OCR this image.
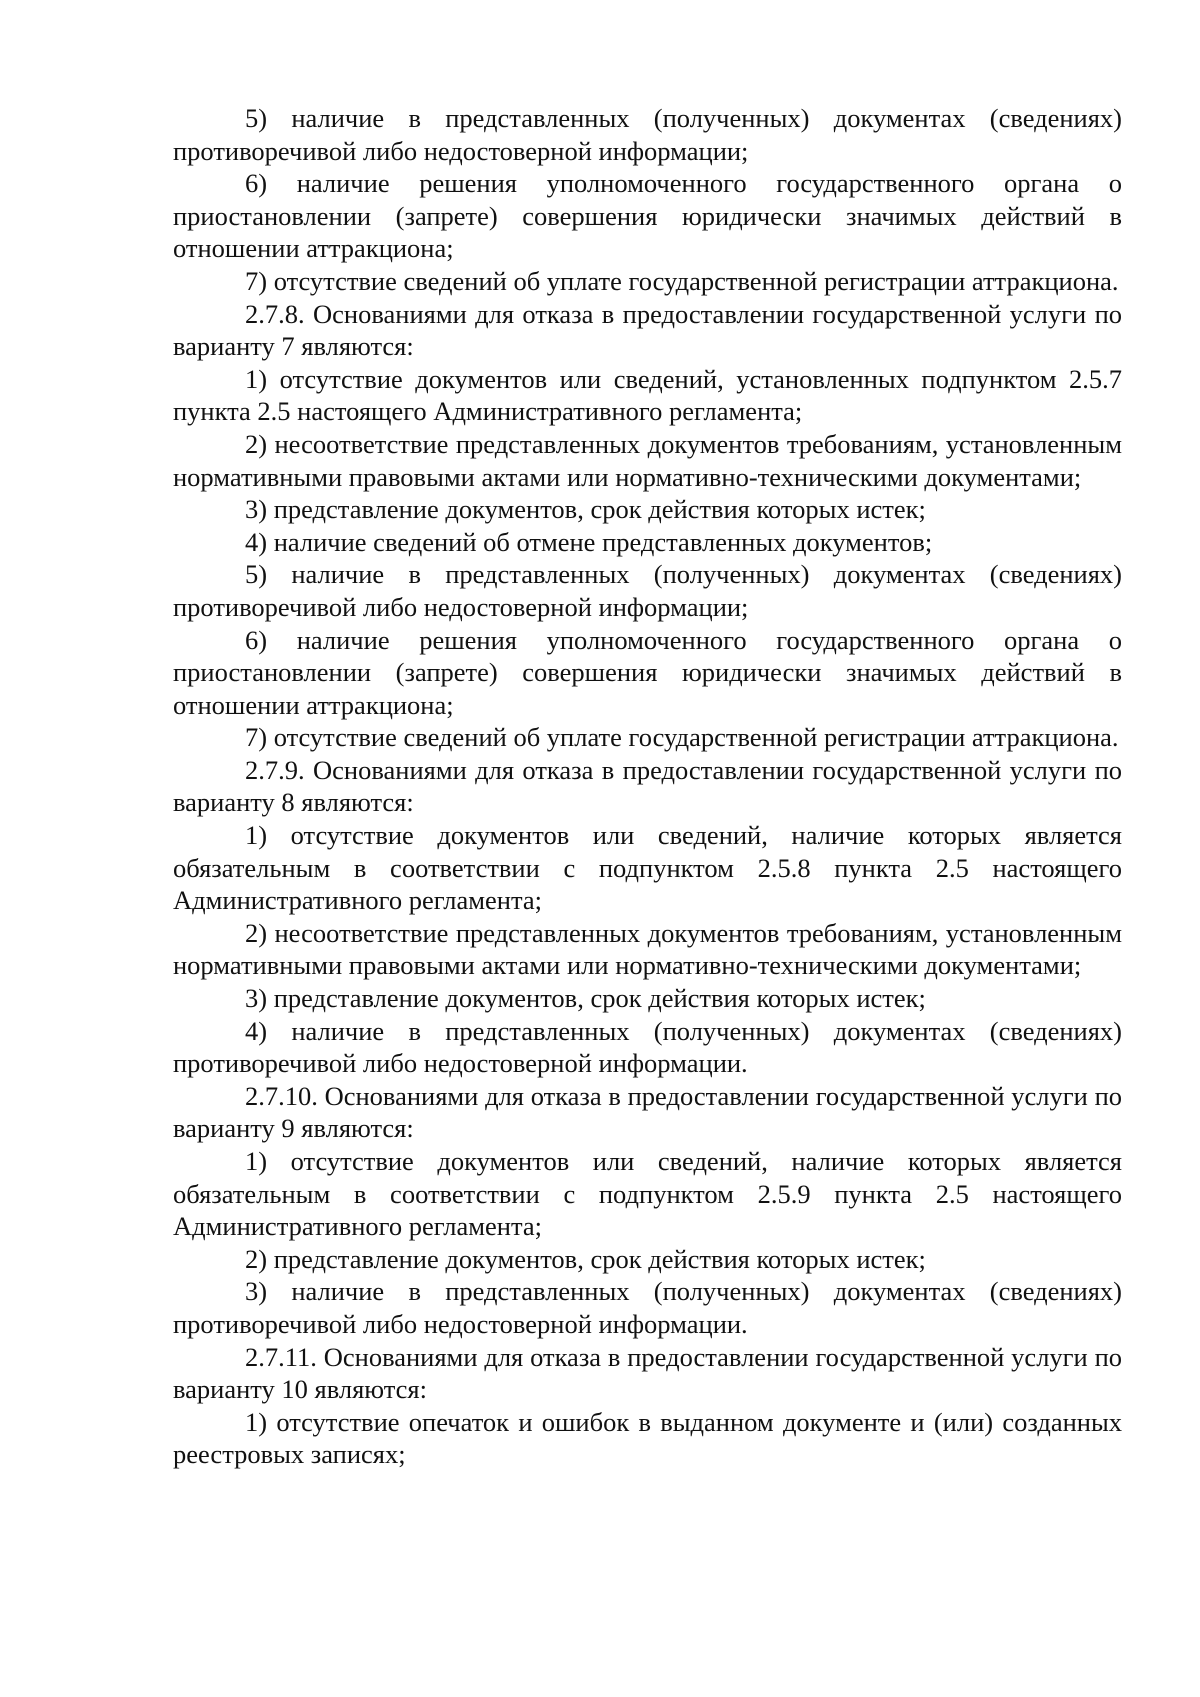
5) наличие в представленных (полученных) документах (сведениях) противоречивой либо недостоверной информации;

6) наличие решения уполномоченного государственного органа о приостановлении (запрете) совершения юридически значимых действий в отношении аттракциона;

7) отсутствие сведений об уплате государственной регистрации аттракциона.

2.7.8. Основаниями для отказа в предоставлении государственной услуги по варианту 7 являются:

1) отсутствие документов или сведений, установленных подпунктом 2.5.7 пункта 2.5 настоящего Административного регламента;

2) несоответствие представленных документов требованиям, установленным нормативными правовыми актами или нормативно-техническими документами;

3) представление документов, срок действия которых истек;

4) наличие сведений об отмене представленных документов;

5) наличие в представленных (полученных) документах (сведениях) противоречивой либо недостоверной информации;

6) наличие решения уполномоченного государственного органа о приостановлении (запрете) совершения юридически значимых действий в отношении аттракциона;

7) отсутствие сведений об уплате государственной регистрации аттракциона.

2.7.9. Основаниями для отказа в предоставлении государственной услуги по варианту 8 являются:

1) отсутствие документов или сведений, наличие которых является обязательным в соответствии с подпунктом 2.5.8 пункта 2.5 настоящего Административного регламента;

2) несоответствие представленных документов требованиям, установленным нормативными правовыми актами или нормативно-техническими документами;

3) представление документов, срок действия которых истек;

4) наличие в представленных (полученных) документах (сведениях) противоречивой либо недостоверной информации.

2.7.10. Основаниями для отказа в предоставлении государственной услуги по варианту 9 являются:

1) отсутствие документов или сведений, наличие которых является обязательным в соответствии с подпунктом 2.5.9 пункта 2.5 настоящего Административного регламента;

2) представление документов, срок действия которых истек;

3) наличие в представленных (полученных) документах (сведениях) противоречивой либо недостоверной информации.

2.7.11. Основаниями для отказа в предоставлении государственной услуги по варианту 10 являются:

1) отсутствие опечаток и ошибок в выданном документе и (или) созданных реестровых записях;
